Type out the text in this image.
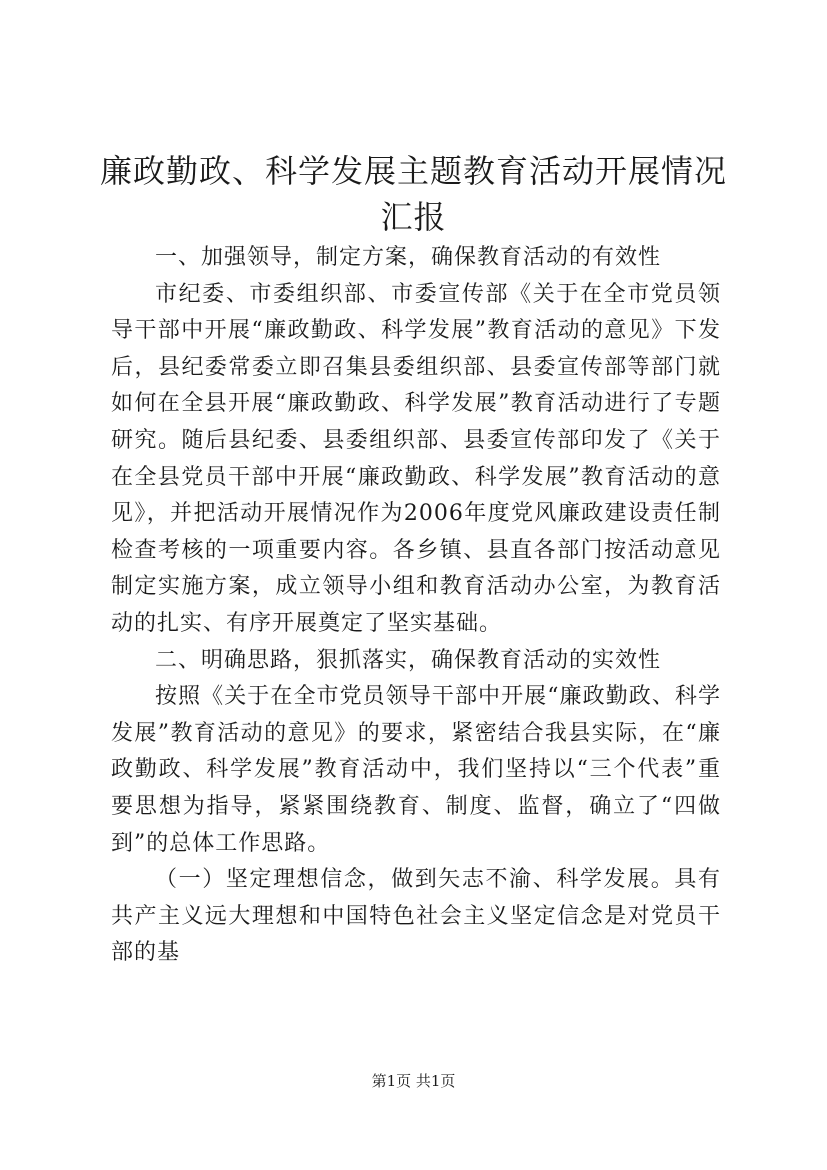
廉政勤政、科学发展主题教育活动开展情况汇报

一、加强领导，制定方案，确保教育活动的有效性

市纪委、市委组织部、市委宣传部《关于在全市党员领导干部中开展“廉政勤政、科学发展”教育活动的意见》下发后，县纪委常委立即召集县委组织部、县委宣传部等部门就如何在全县开展“廉政勤政、科学发展”教育活动进行了专题研究。随后县纪委、县委组织部、县委宣传部印发了《关于在全县党员干部中开展“廉政勤政、科学发展”教育活动的意见》，并把活动开展情况作为2006年度党风廉政建设责任制检查考核的一项重要内容。各乡镇、县直各部门按活动意见制定实施方案，成立领导小组和教育活动办公室，为教育活动的扎实、有序开展奠定了坚实基础。

二、明确思路，狠抓落实，确保教育活动的实效性

按照《关于在全市党员领导干部中开展“廉政勤政、科学发展”教育活动的意见》的要求，紧密结合我县实际，在“廉政勤政、科学发展”教育活动中，我们坚持以“三个代表”重要思想为指导，紧紧围绕教育、制度、监督，确立了“四做到”的总体工作思路。

（一）坚定理想信念，做到矢志不渝、科学发展。具有共产主义远大理想和中国特色社会主义坚定信念是对党员干部的基

第1页 共1页
